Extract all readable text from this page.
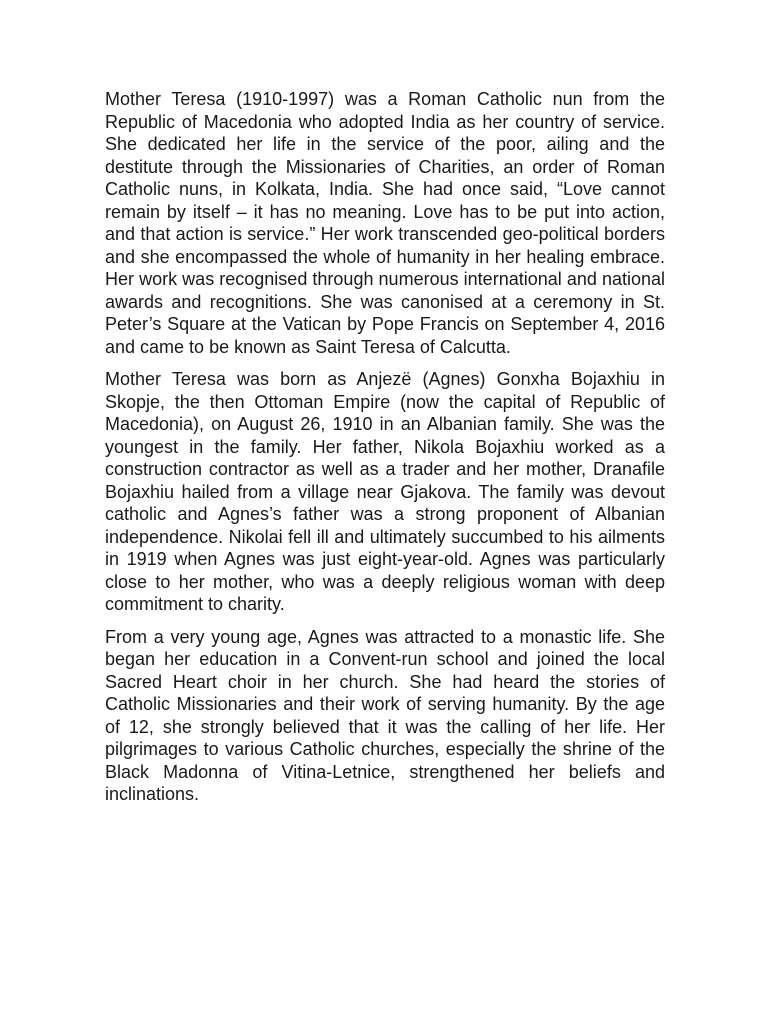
Mother Teresa (1910-1997) was a Roman Catholic nun from the Republic of Macedonia who adopted India as her country of service. She dedicated her life in the service of the poor, ailing and the destitute through the Missionaries of Charities, an order of Roman Catholic nuns, in Kolkata, India. She had once said, “Love cannot remain by itself – it has no meaning. Love has to be put into action, and that action is service.” Her work transcended geo-political borders and she encompassed the whole of humanity in her healing embrace. Her work was recognised through numerous international and national awards and recognitions. She was canonised at a ceremony in St. Peter’s Square at the Vatican by Pope Francis on September 4, 2016 and came to be known as Saint Teresa of Calcutta.

Mother Teresa was born as Anjezë (Agnes) Gonxha Bojaxhiu in Skopje, the then Ottoman Empire (now the capital of Republic of Macedonia), on August 26, 1910 in an Albanian family. She was the youngest in the family. Her father, Nikola Bojaxhiu worked as a construction contractor as well as a trader and her mother, Dranafile Bojaxhiu hailed from a village near Gjakova. The family was devout catholic and Agnes’s father was a strong proponent of Albanian independence. Nikolai fell ill and ultimately succumbed to his ailments in 1919 when Agnes was just eight-year-old. Agnes was particularly close to her mother, who was a deeply religious woman with deep commitment to charity.

From a very young age, Agnes was attracted to a monastic life. She began her education in a Convent-run school and joined the local Sacred Heart choir in her church. She had heard the stories of Catholic Missionaries and their work of serving humanity. By the age of 12, she strongly believed that it was the calling of her life. Her pilgrimages to various Catholic churches, especially the shrine of the Black Madonna of Vitina-Letnice, strengthened her beliefs and inclinations.
